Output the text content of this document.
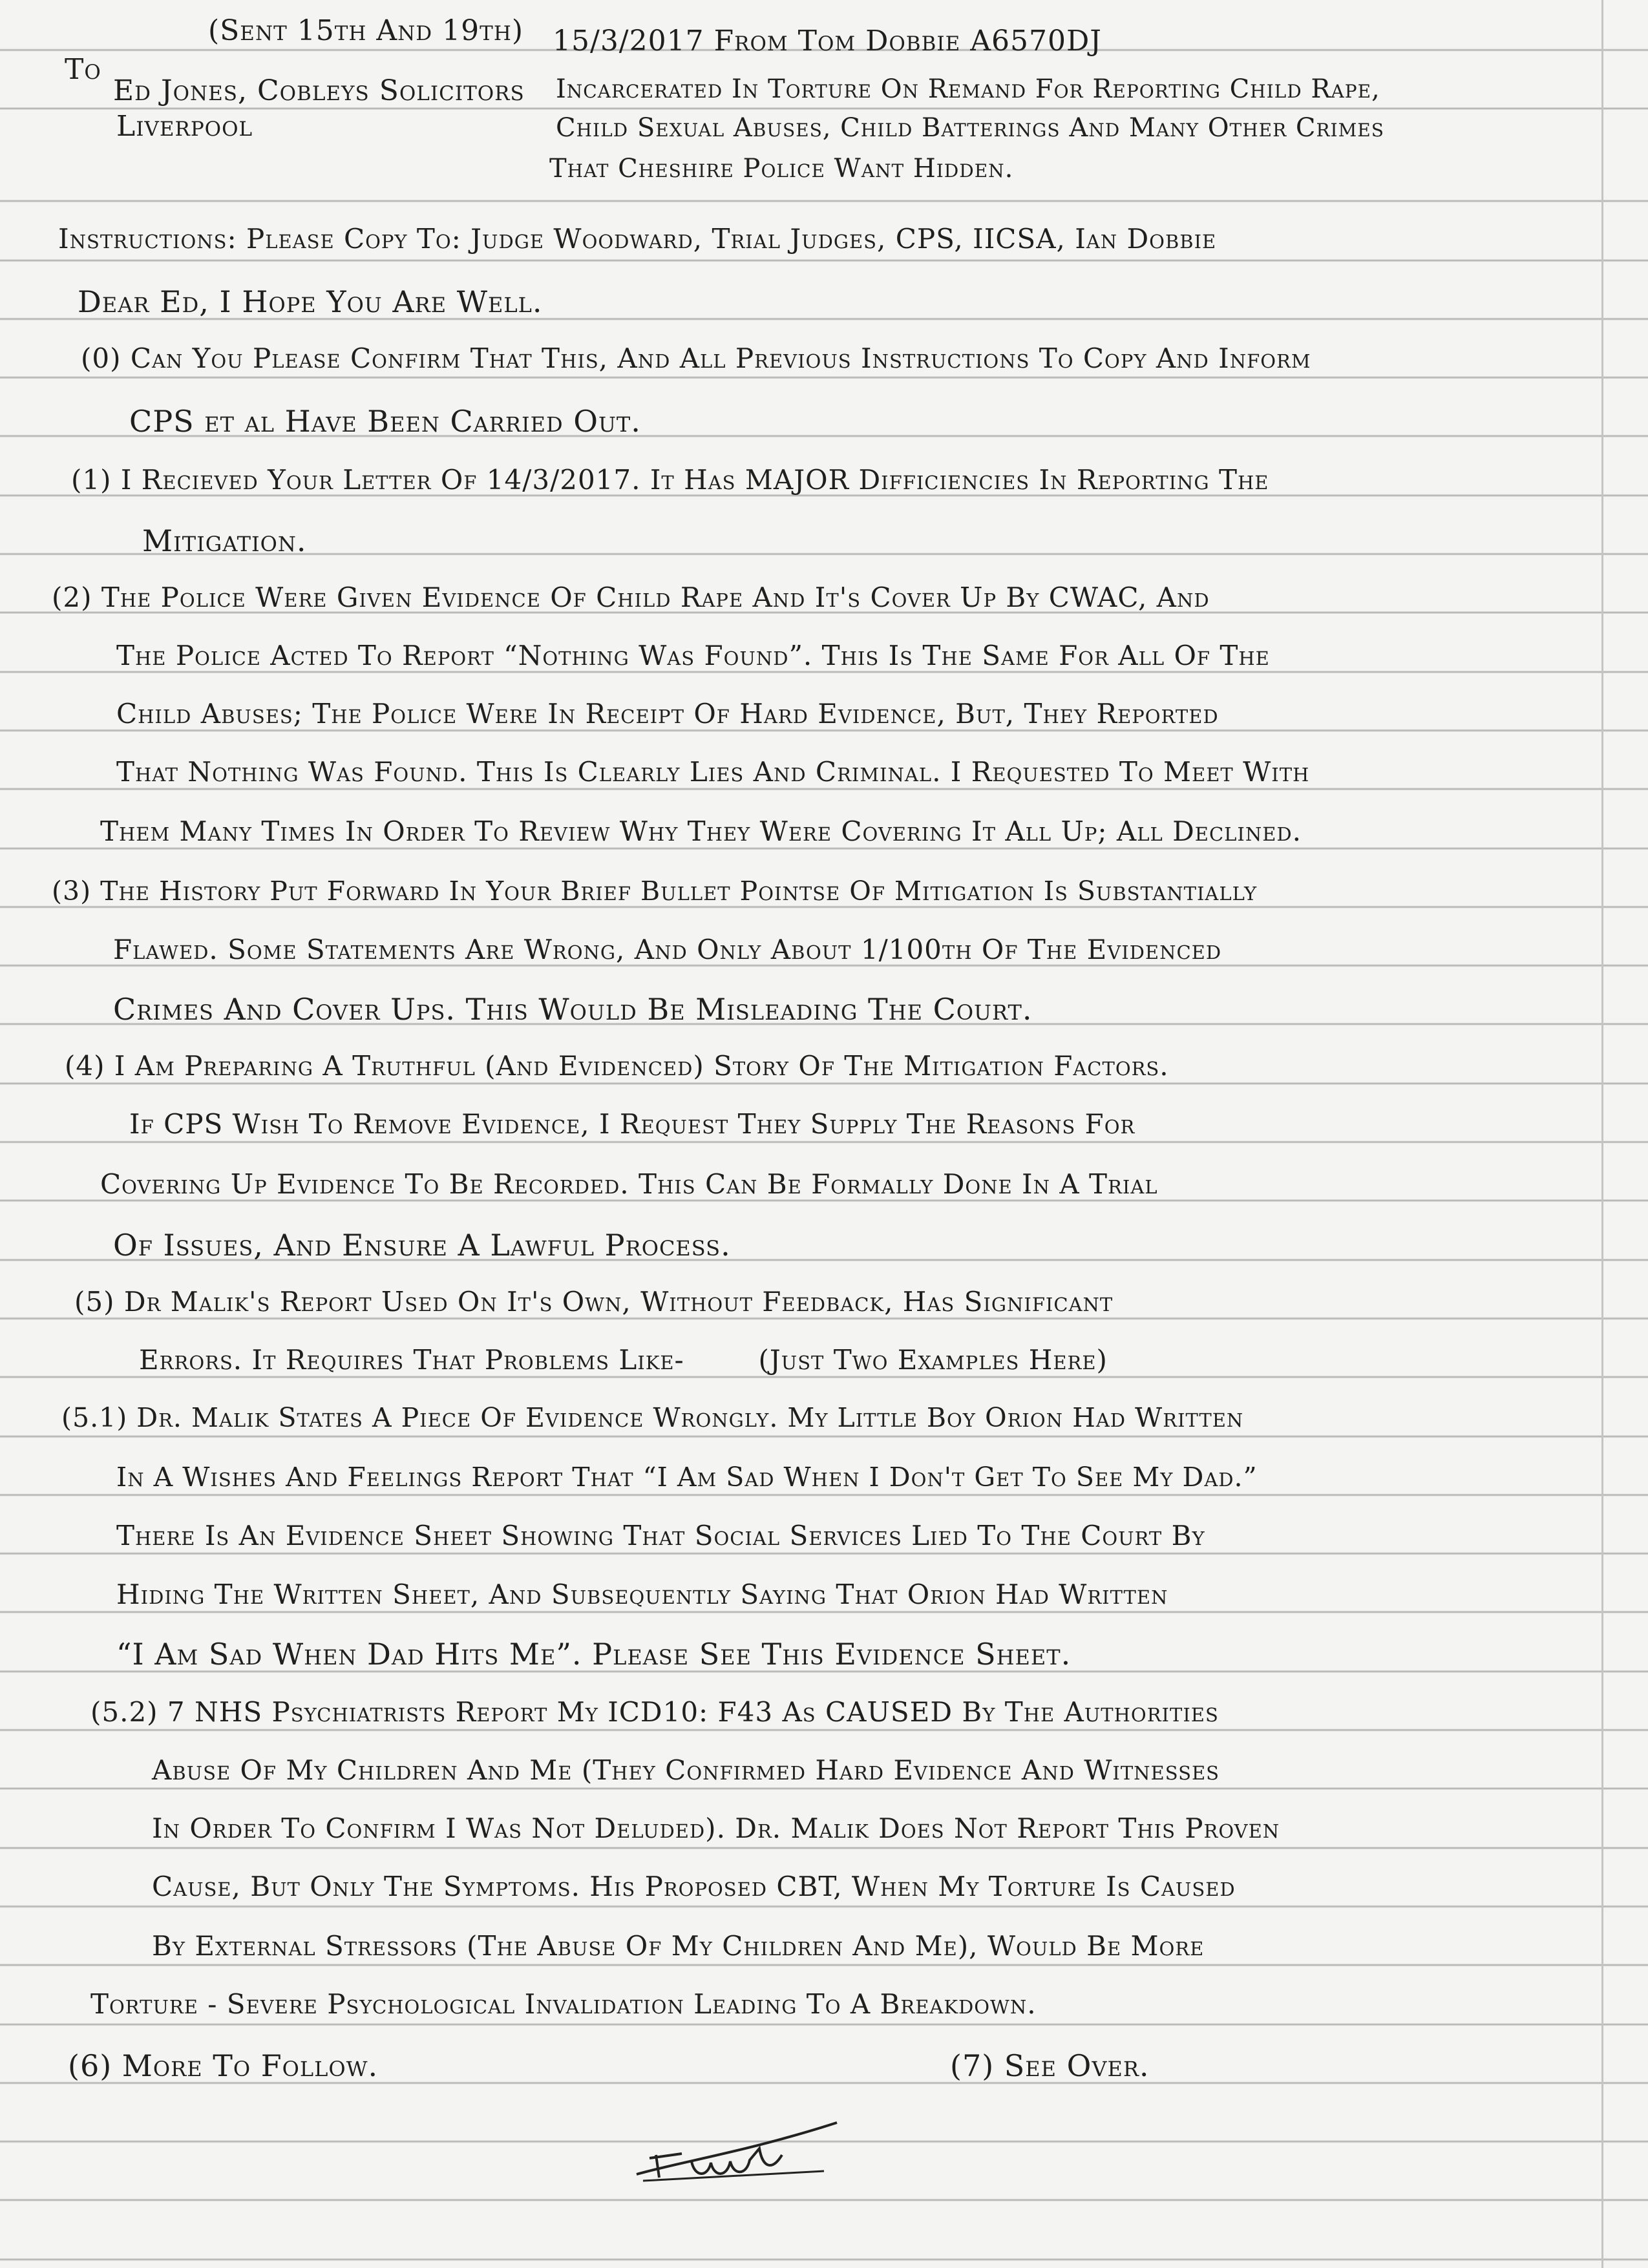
(Sent 15th And 19th) 15/3/2017 From Tom Dobbie A6570DJ

To

Ed Jones, Cobleys Solicitors

Liverpool

Incarcerated In Torture On Remand For Reporting Child Rape,

Child Sexual Abuses, Child Batterings And Many Other Crimes

That Cheshire Police Want Hidden.

Instructions: Please Copy To: Judge Woodward, Trial Judges, CPS, IICSA, Ian Dobbie

Dear Ed, I Hope You Are Well.

(0) Can You Please Confirm That This, And All Previous Instructions To Copy And Inform

CPS et al Have Been Carried Out.

(1) I Recieved Your Letter Of 14/3/2017. It Has MAJOR Difficiencies In Reporting The

Mitigation.

(2) The Police Were Given Evidence Of Child Rape And It's Cover Up By CWAC, And

The Police Acted To Report “Nothing Was Found”. This Is The Same For All Of The

Child Abuses; The Police Were In Receipt Of Hard Evidence, But, They Reported

That Nothing Was Found. This Is Clearly Lies And Criminal. I Requested To Meet With

Them Many Times In Order To Review Why They Were Covering It All Up; All Declined.

(3) The History Put Forward In Your Brief Bullet Pointse Of Mitigation Is Substantially

Flawed. Some Statements Are Wrong, And Only About 1/100th Of The Evidenced

Crimes And Cover Ups. This Would Be Misleading The Court.

(4) I Am Preparing A Truthful (And Evidenced) Story Of The Mitigation Factors.

If CPS Wish To Remove Evidence, I Request They Supply The Reasons For

Covering Up Evidence To Be Recorded. This Can Be Formally Done In A Trial

Of Issues, And Ensure A Lawful Process.

(5) Dr Malik's Report Used On It's Own, Without Feedback, Has Significant

Errors. It Requires That Problems Like-        (Just Two Examples Here)

(5.1) Dr. Malik States A Piece Of Evidence Wrongly. My Little Boy Orion Had Written

In A Wishes And Feelings Report That “I Am Sad When I Don't Get To See My Dad.”

There Is An Evidence Sheet Showing That Social Services Lied To The Court By

Hiding The Written Sheet, And Subsequently Saying That Orion Had Written

“I Am Sad When Dad Hits Me”. Please See This Evidence Sheet.

(5.2) 7 NHS Psychiatrists Report My ICD10: F43 As CAUSED By The Authorities

Abuse Of My Children And Me (They Confirmed Hard Evidence And Witnesses

In Order To Confirm I Was Not Deluded). Dr. Malik Does Not Report This Proven

Cause, But Only The Symptoms. His Proposed CBT, When My Torture Is Caused

By External Stressors (The Abuse Of My Children And Me), Would Be More

Torture - Severe Psychological Invalidation Leading To A Breakdown.

(6) More To Follow.	(7) See Over.
